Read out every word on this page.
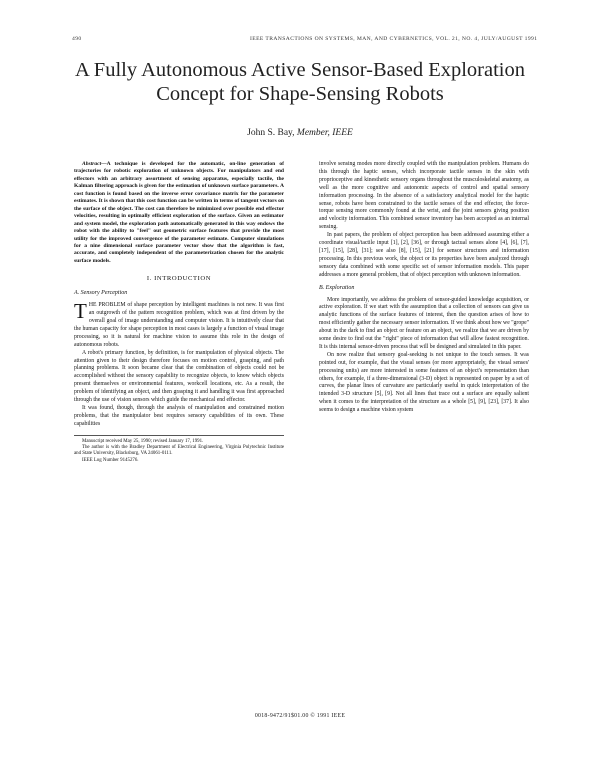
490	IEEE TRANSACTIONS ON SYSTEMS, MAN, AND CYBERNETICS, VOL. 21, NO. 4, JULY/AUGUST 1991
A Fully Autonomous Active Sensor-Based Exploration Concept for Shape-Sensing Robots
John S. Bay, Member, IEEE

Abstract—A technique is developed for the automatic, on-line generation of trajectories for robotic exploration of unknown objects. For manipulators and end effectors with an arbitrary assortment of sensing apparatus, especially tactile, the Kalman filtering approach is given for the estimation of unknown surface parameters. A cost function is found based on the inverse error covariance matrix for the parameter estimates. It is shown that this cost function can be written in terms of tangent vectors on the surface of the object. The cost can therefore be minimized over possible end effector velocities, resulting in optimally efficient exploration of the surface. Given an estimator and system model, the exploration path automatically generated in this way endows the robot with the ability to "feel" out geometric surface features that provide the most utility for the improved convergence of the parameter estimate. Computer simulations for a nine dimensional surface parameter vector show that the algorithm is fast, accurate, and completely independent of the parameterization chosen for the analytic surface models.

I. INTRODUCTION
A. Sensory Perception

THE PROBLEM of shape perception by intelligent machines is not new. It was first an outgrowth of the pattern recognition problem, which was at first driven by the overall goal of image understanding and computer vision. It is intuitively clear that the human capacity for shape perception in most cases is largely a function of visual image processing, so it is natural for machine vision to assume this role in the design of autonomous robots.

A robot's primary function, by definition, is for manipulation of physical objects. The attention given to their design therefore focuses on motion control, grasping, and path planning problems. It soon became clear that the combination of objects could not be accomplished without the sensory capability to recognize objects, to know which objects present themselves or environmental features, workcell locations, etc. As a result, the problem of identifying an object, and then grasping it and handling it was first approached through the use of vision sensors which guide the mechanical end effector.

It was found, though, through the analysis of manipulation and constrained motion problems, that the manipulator best requires sensory capabilities of its own. These capabilities

Manuscript received May 25, 1990; revised January 17, 1991.

The author is with the Bradley Department of Electrical Engineering, Virginia Polytechnic Institute and State University, Blacksburg, VA 24061-0111.

IEEE Log Number 9145276.

involve sensing modes more directly coupled with the manipulation problem. Humans do this through the haptic senses, which incorporate tactile senses in the skin with proprioceptive and kinesthetic sensory organs throughout the musculoskeletal anatomy, as well as the more cognitive and autonomic aspects of control and spatial sensory information processing. In the absence of a satisfactory analytical model for the haptic sense, robots have been constrained to the tactile senses of the end effector, the force-torque sensing more commonly found at the wrist, and the joint sensors giving position and velocity information. This combined sensor inventory has been accepted as an internal sensing.

In past papers, the problem of object perception has been addressed assuming either a coordinate visual/tactile input [1], [2], [36], or through tactual senses alone [4], [6], [7], [17], [15], [28], [31]; see also [8], [15], [21] for sensor structures and information processing. In this previous work, the object or its properties have been analyzed through sensory data combined with some specific set of sensor information models. This paper addresses a more general problem, that of object perception with unknown information.

B. Exploration

More importantly, we address the problem of sensor-guided knowledge acquisition, or active exploration. If we start with the assumption that a collection of sensors can give us analytic functions of the surface features of interest, then the question arises of how to most efficiently gather the necessary sensor information. If we think about how we "grope" about in the dark to find an object or feature on an object, we realize that we are driven by some desire to find out the "right" piece of information that will allow fastest recognition. It is this internal sensor-driven process that will be designed and simulated in this paper.

On now realize that sensory goal-seeking is not unique to the touch senses. It was pointed out, for example, that the visual senses (or more appropriately, the visual senses' processing units) are more interested in some features of an object's representation than others, for example, if a three-dimensional (3-D) object is represented on paper by a set of curves, the planar lines of curvature are particularly useful in quick interpretation of the intended 3-D structure [5], [9]. Not all lines that trace out a surface are equally salient when it comes to the interpretation of the structure as a whole [5], [9], [23], [37]. It also seems to design a machine vision system

0018-9472/91$01.00 © 1991 IEEE
